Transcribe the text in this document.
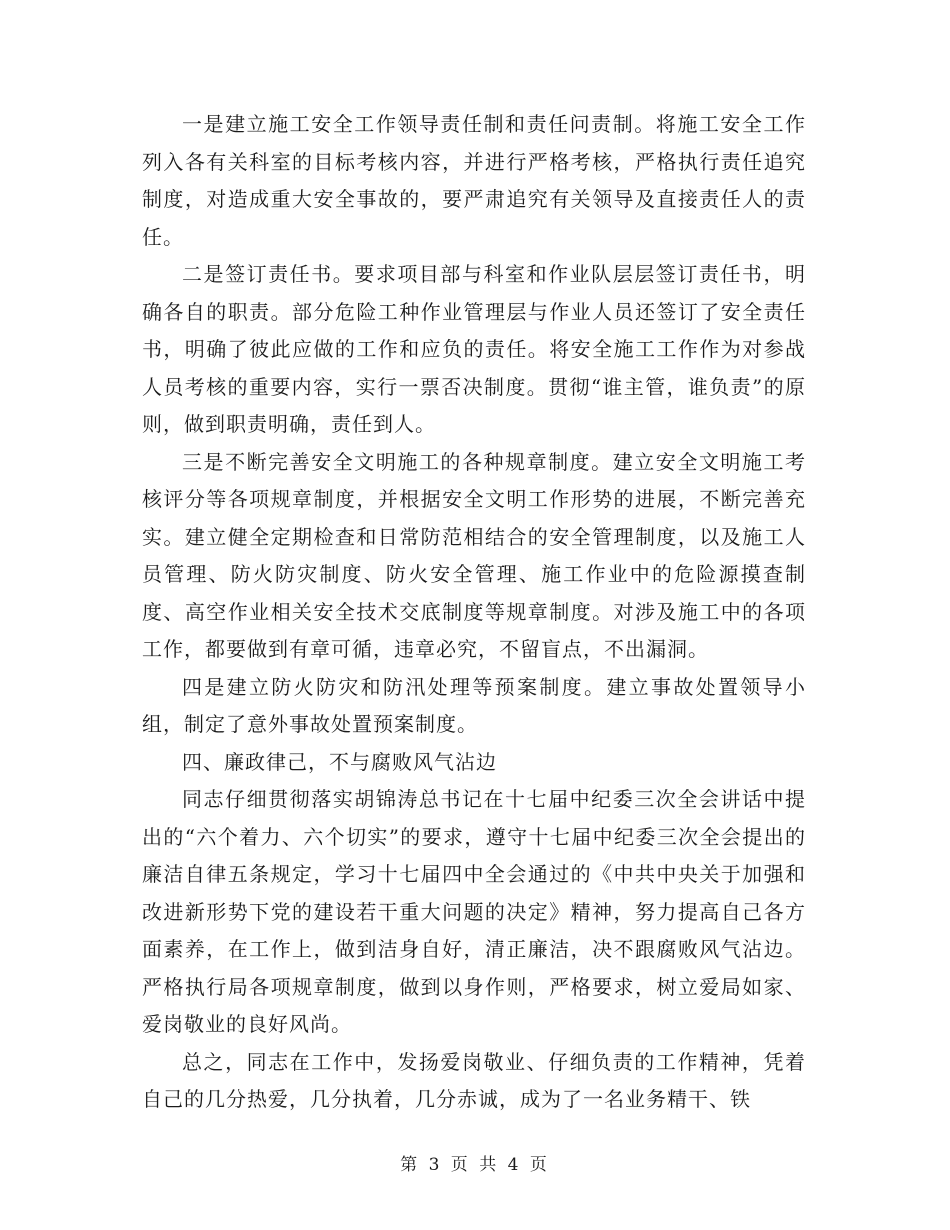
一是建立施工安全工作领导责任制和责任问责制。将施工安全工作列入各有关科室的目标考核内容，并进行严格考核，严格执行责任追究制度，对造成重大安全事故的，要严肃追究有关领导及直接责任人的责任。

二是签订责任书。要求项目部与科室和作业队层层签订责任书，明确各自的职责。部分危险工种作业管理层与作业人员还签订了安全责任书，明确了彼此应做的工作和应负的责任。将安全施工工作作为对参战人员考核的重要内容，实行一票否决制度。贯彻“谁主管，谁负责”的原则，做到职责明确，责任到人。

三是不断完善安全文明施工的各种规章制度。建立安全文明施工考核评分等各项规章制度，并根据安全文明工作形势的进展，不断完善充实。建立健全定期检查和日常防范相结合的安全管理制度，以及施工人员管理、防火防灾制度、防火安全管理、施工作业中的危险源摸查制度、高空作业相关安全技术交底制度等规章制度。对涉及施工中的各项工作，都要做到有章可循，违章必究，不留盲点，不出漏洞。

四是建立防火防灾和防汛处理等预案制度。建立事故处置领导小组，制定了意外事故处置预案制度。

四、廉政律己，不与腐败风气沾边

同志仔细贯彻落实胡锦涛总书记在十七届中纪委三次全会讲话中提出的“六个着力、六个切实”的要求，遵守十七届中纪委三次全会提出的廉洁自律五条规定，学习十七届四中全会通过的《中共中央关于加强和改进新形势下党的建设若干重大问题的决定》精神，努力提高自己各方面素养，在工作上，做到洁身自好，清正廉洁，决不跟腐败风气沾边。严格执行局各项规章制度，做到以身作则，严格要求，树立爱局如家、爱岗敬业的良好风尚。

总之，同志在工作中，发扬爱岗敬业、仔细负责的工作精神，凭着自己的几分热爱，几分执着，几分赤诚，成为了一名业务精干、铁

第 3 页 共 4 页
